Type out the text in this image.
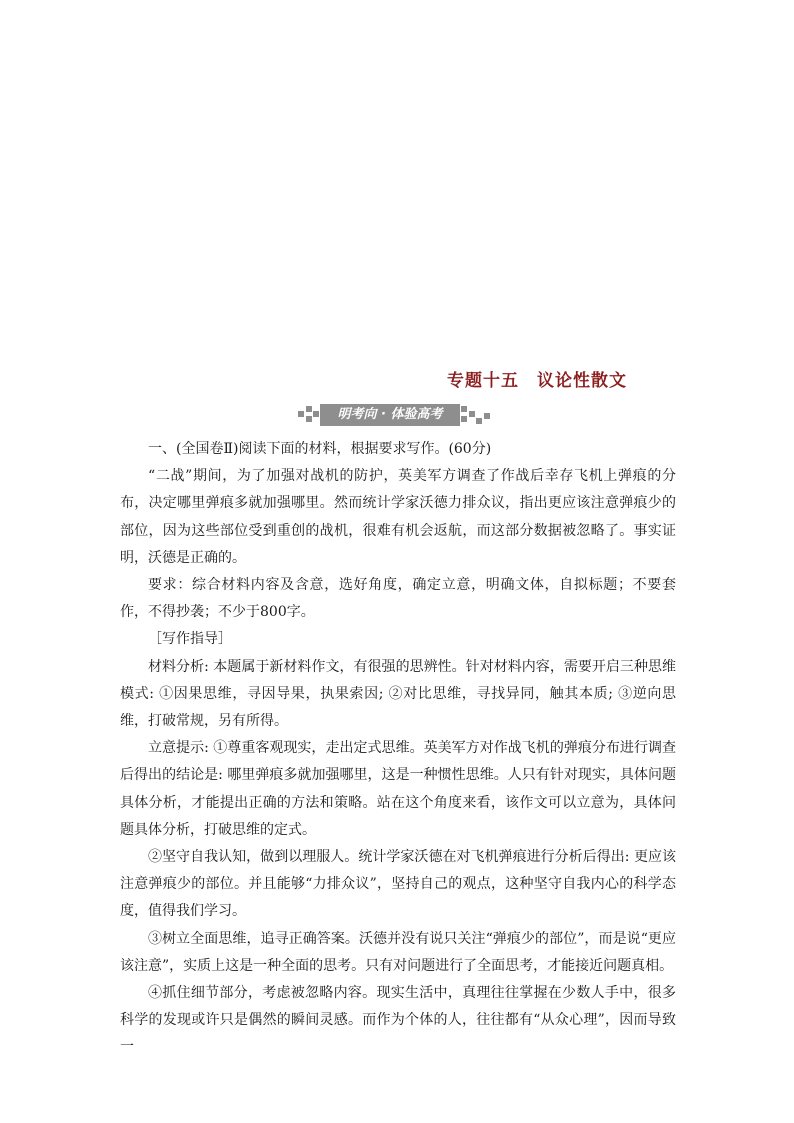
专题十五　议论性散文
明考向 · 体验高考

一、(全国卷Ⅱ)阅读下面的材料，根据要求写作。(60分)

“二战”期间，为了加强对战机的防护，英美军方调查了作战后幸存飞机上弹痕的分布，决定哪里弹痕多就加强哪里。然而统计学家沃德力排众议，指出更应该注意弹痕少的部位，因为这些部位受到重创的战机，很难有机会返航，而这部分数据被忽略了。事实证明，沃德是正确的。

要求：综合材料内容及含意，选好角度，确定立意，明确文体，自拟标题；不要套作，不得抄袭；不少于800字。

［写作指导］

材料分析: 本题属于新材料作文，有很强的思辨性。针对材料内容，需要开启三种思维模式: ①因果思维，寻因导果，执果索因; ②对比思维，寻找异同，触其本质; ③逆向思维，打破常规，另有所得。

立意提示: ①尊重客观现实，走出定式思维。英美军方对作战飞机的弹痕分布进行调查后得出的结论是: 哪里弹痕多就加强哪里，这是一种惯性思维。人只有针对现实，具体问题具体分析，才能提出正确的方法和策略。站在这个角度来看，该作文可以立意为，具体问题具体分析，打破思维的定式。

②坚守自我认知，做到以理服人。统计学家沃德在对飞机弹痕进行分析后得出: 更应该注意弹痕少的部位。并且能够“力排众议”，坚持自己的观点，这种坚守自我内心的科学态度，值得我们学习。

③树立全面思维，追寻正确答案。沃德并没有说只关注“弹痕少的部位”，而是说“更应该注意”，实质上这是一种全面的思考。只有对问题进行了全面思考，才能接近问题真相。

④抓住细节部分，考虑被忽略内容。现实生活中，真理往往掌握在少数人手中，很多科学的发现或许只是偶然的瞬间灵感。而作为个体的人，往往都有“从众心理”，因而导致一
